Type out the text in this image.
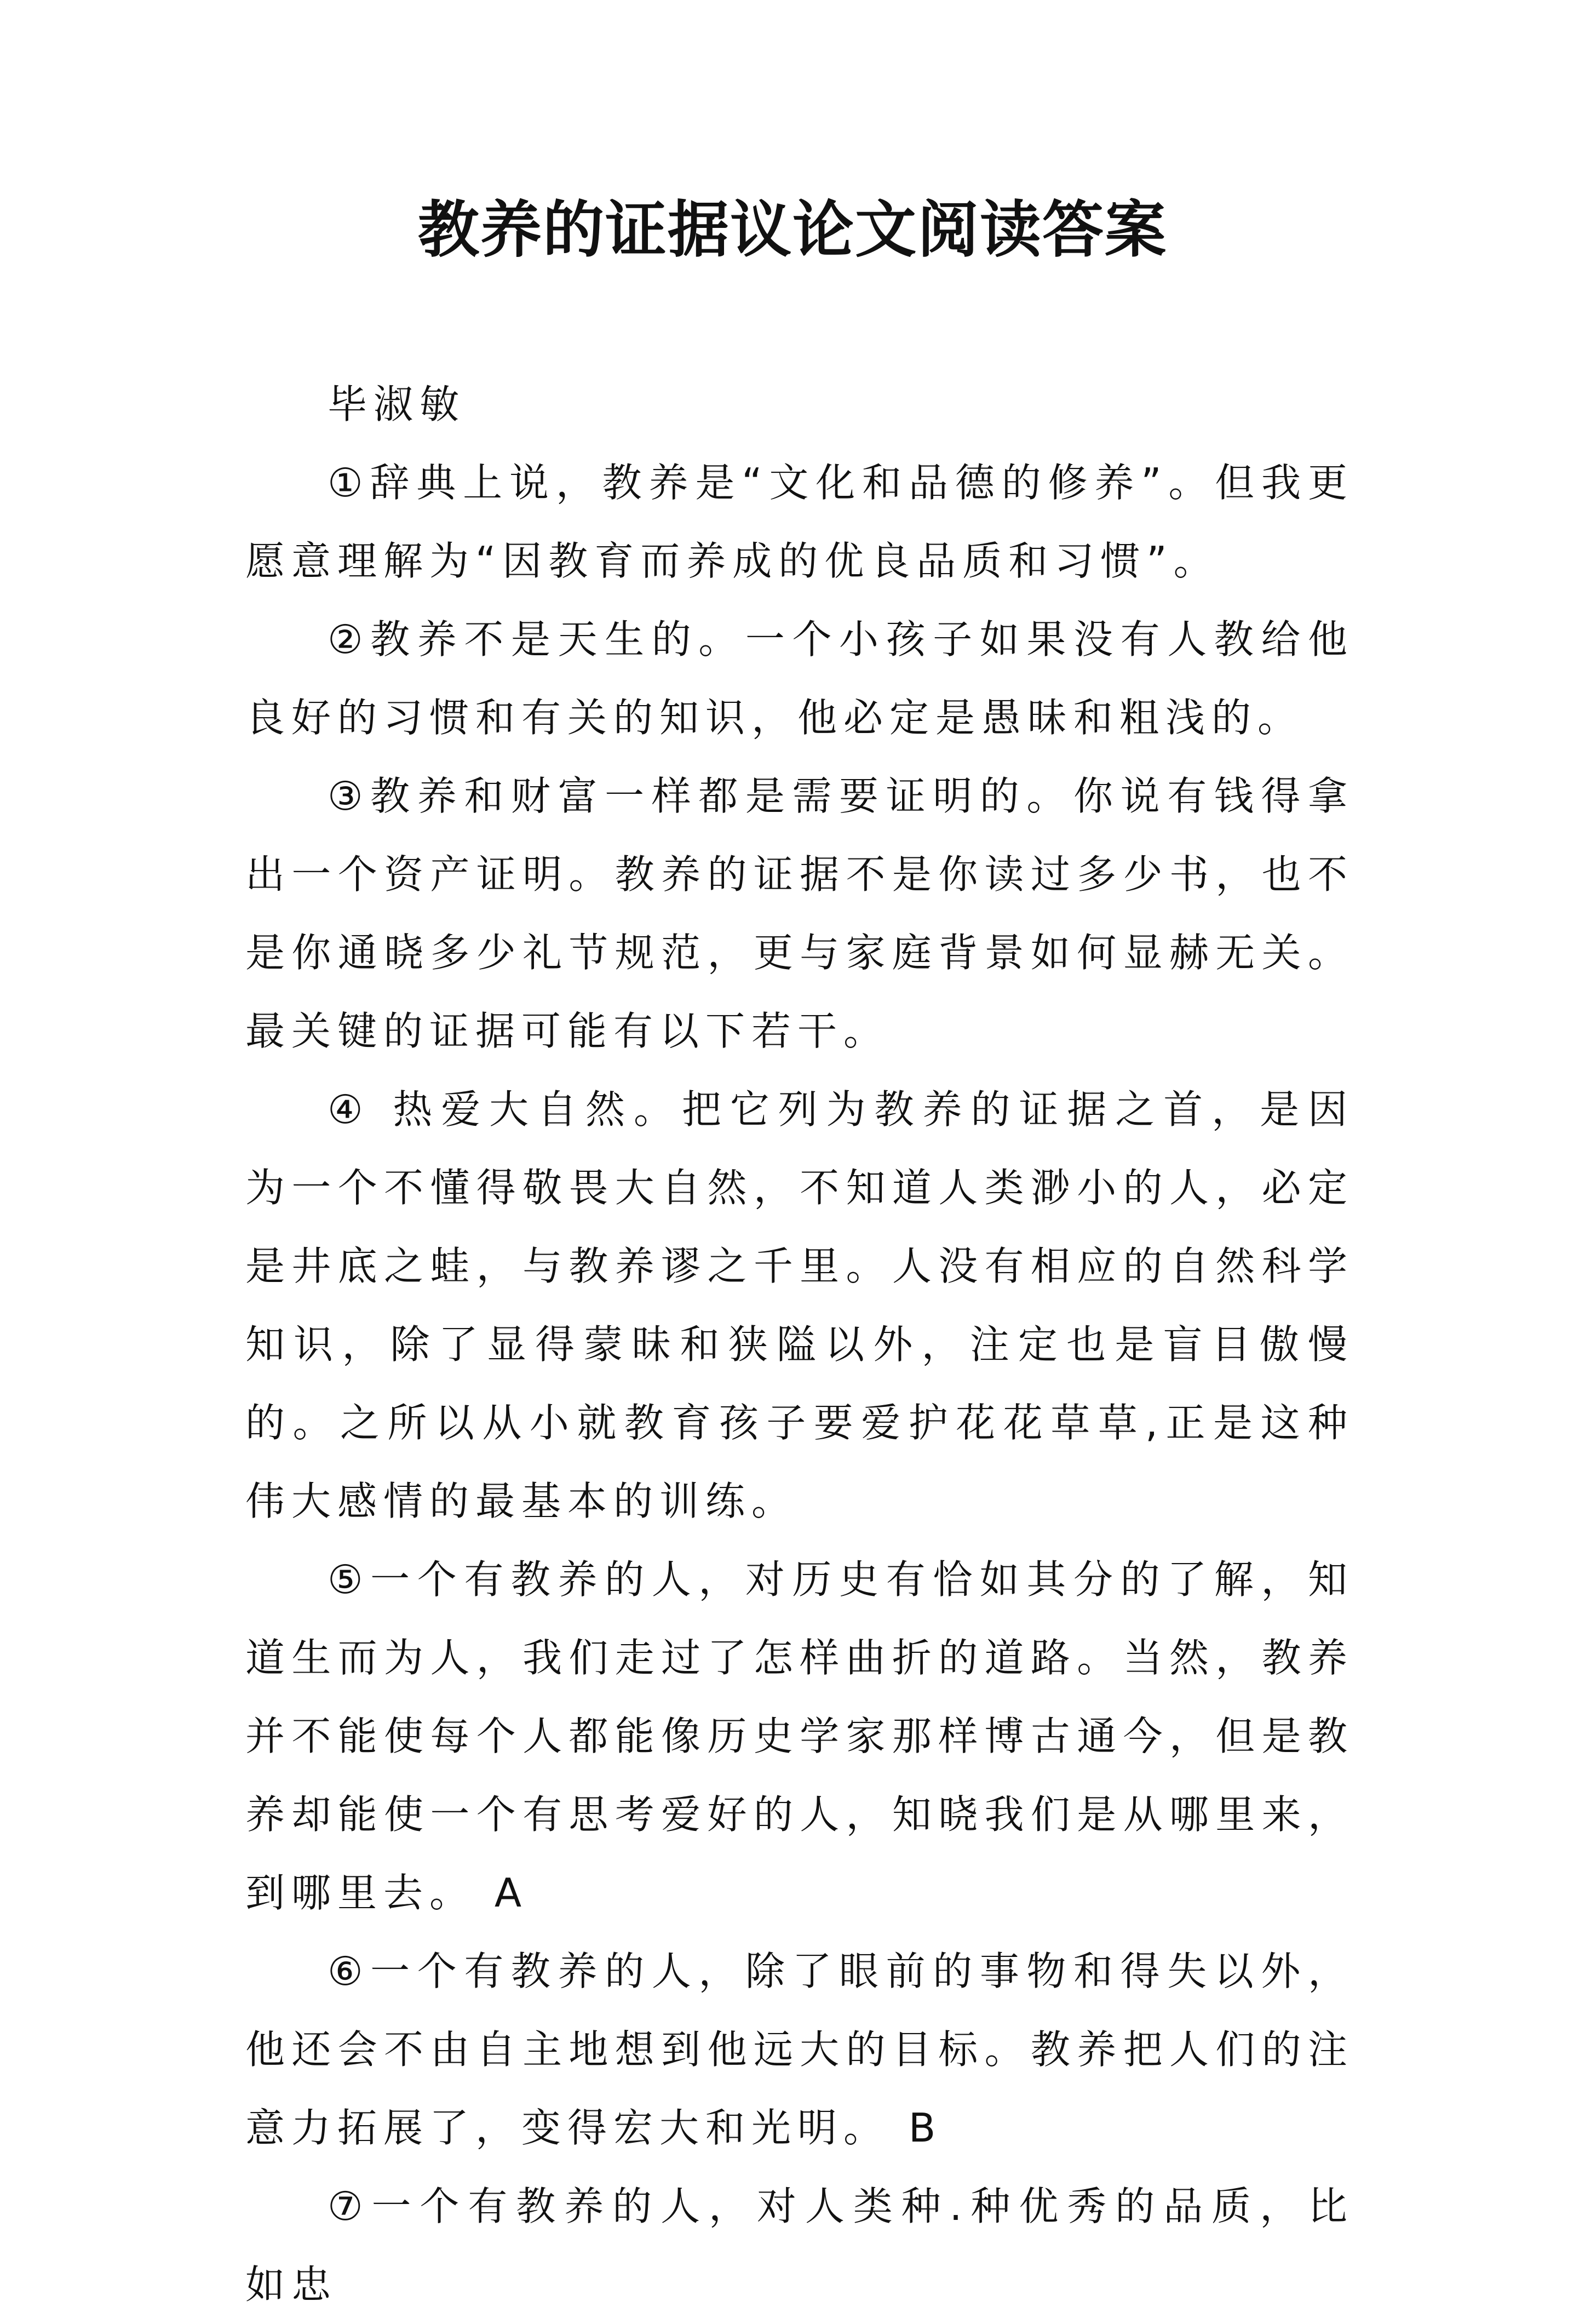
教养的证据议论文阅读答案

毕淑敏

①辞典上说，教养是“文化和品德的修养”。但我更愿意理解为“因教育而养成的优良品质和习惯”。

②教养不是天生的。一个小孩子如果没有人教给他良好的习惯和有关的知识，他必定是愚昧和粗浅的。

③教养和财富一样都是需要证明的。你说有钱得拿出一个资产证明。教养的证据不是你读过多少书，也不是你通晓多少礼节规范，更与家庭背景如何显赫无关。最关键的证据可能有以下若干。

④ 热爱大自然。把它列为教养的证据之首，是因为一个不懂得敬畏大自然，不知道人类渺小的人，必定是井底之蛙，与教养谬之千里。人没有相应的自然科学知识，除了显得蒙昧和狭隘以外，注定也是盲目傲慢的。之所以从小就教育孩子要爱护花花草草,正是这种伟大感情的最基本的训练。

⑤一个有教养的人，对历史有恰如其分的了解，知道生而为人，我们走过了怎样曲折的道路。当然，教养并不能使每个人都能像历史学家那样博古通今，但是教养却能使一个有思考爱好的人，知晓我们是从哪里来，到哪里去。 A

⑥一个有教养的人，除了眼前的事物和得失以外，他还会不由自主地想到他远大的目标。教养把人们的注意力拓展了，变得宏大和光明。 B

⑦一个有教养的人，对人类种.种优秀的品质，比如忠
